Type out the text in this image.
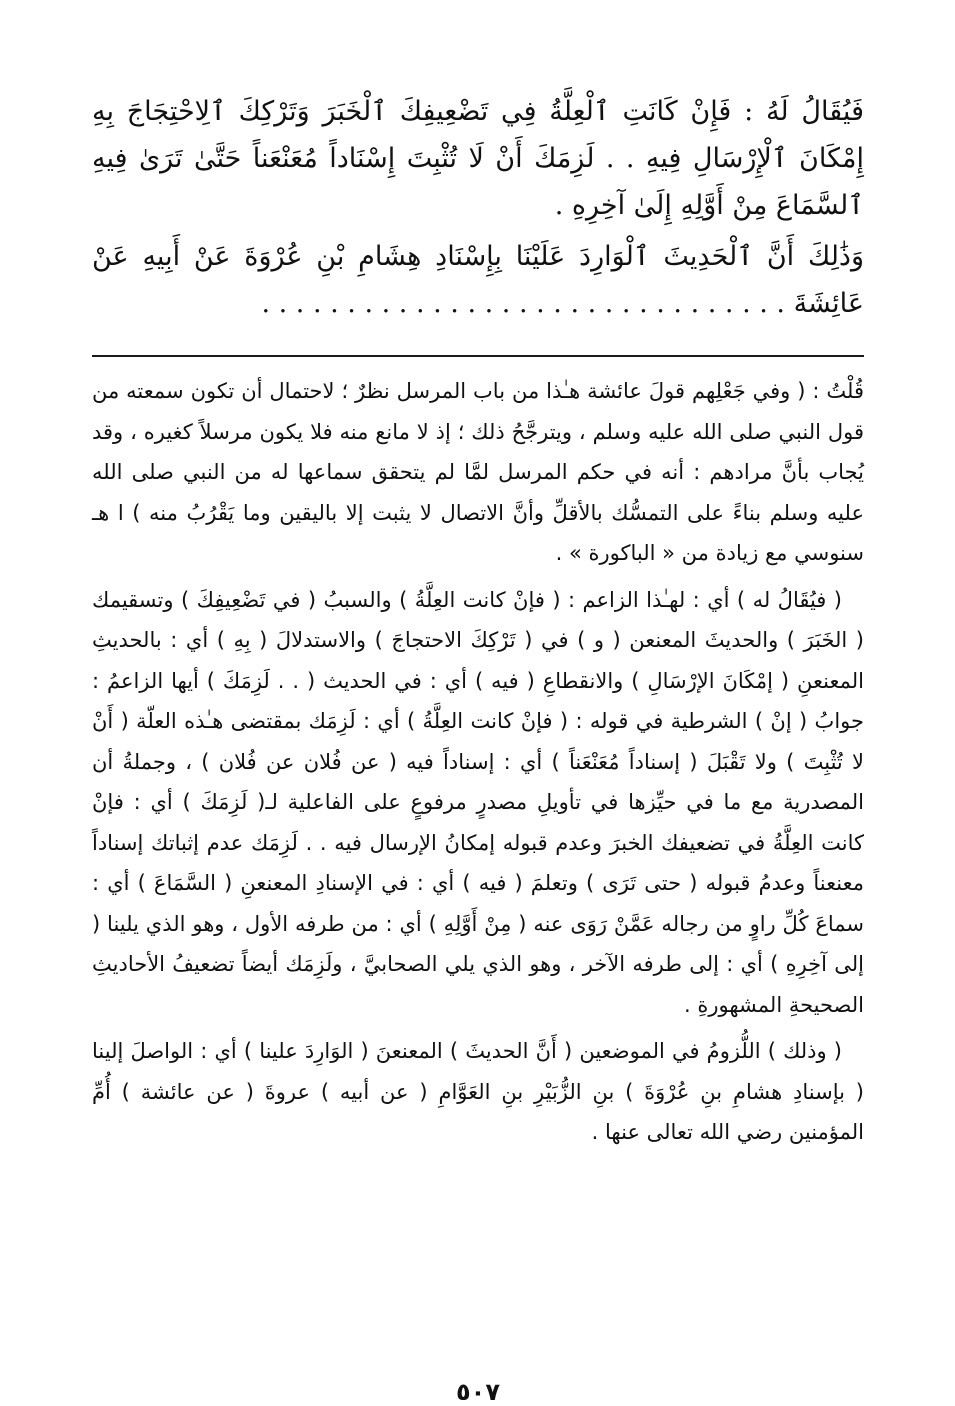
فَيُقَالُ لَهُ : فَإِنْ كَانَتِ ٱلْعِلَّةُ فِي تَضْعِيفِكَ ٱلْخَبَرَ وَتَرْكِكَ ٱلِاحْتِجَاجَ بِهِ إِمْكَانَ ٱلْإِرْسَالِ فِيهِ . . لَزِمَكَ أَنْ لَا تُثْبِتَ إِسْنَاداً مُعَنْعَناً حَتَّىٰ تَرَىٰ فِيهِ ٱلسَّمَاعَ مِنْ أَوَّلِهِ إِلَىٰ آخِرِهِ .

وَذَٰلِكَ أَنَّ ٱلْحَدِيثَ ٱلْوَارِدَ عَلَيْنَا بِإِسْنَادِ هِشَامِ بْنِ عُرْوَةَ عَنْ أَبِيهِ عَنْ عَائِشَةَ . . . . . . . . . . . . . . . . . . . . . . . . . . . . . . .

قُلْتُ : ( وفي جَعْلِهم قولَ عائشة هـٰذا من باب المرسل نظرٌ ؛ لاحتمال أن تكون سمعته من قول النبي صلى الله عليه وسلم ، ويترجَّحُ ذلك ؛ إذ لا مانع منه فلا يكون مرسلاً كغيره ، وقد يُجاب بأنَّ مرادهم : أنه في حكم المرسل لمَّا لم يتحقق سماعها له من النبي صلى الله عليه وسلم بناءً على التمسُّك بالأقلِّ وأنَّ الاتصال لا يثبت إلا باليقين وما يَقْرُبُ منه ) ا هـ سنوسي مع زيادة من « الباكورة » .

( فيُقَالُ له ) أي : لهـٰذا الزاعم : ( فإنْ كانت العِلَّةُ ) والسببُ ( في تَضْعِيفِكَ ) وتسقيمك ( الخَبَرَ ) والحديثَ المعنعن ( و ) في ( تَرْكِكَ الاحتجاجَ ) والاستدلالَ ( بِهِ ) أي : بالحديثِ المعنعنِ ( إمْكَانَ الإرْسَالِ ) والانقطاعِ ( فيه ) أي : في الحديث ( . . لَزِمَكَ ) أيها الزاعمُ : جوابُ ( إنْ ) الشرطية في قوله : ( فإنْ كانت العِلَّةُ ) أي : لَزِمَك بمقتضى هـٰذه العلّة ( أَنْ لا تُثْبِتَ ) ولا تَقْبَلَ ( إسناداً مُعَنْعَناً ) أي : إسناداً فيه ( عن فُلان عن فُلان ) ، وجملةُ أن المصدرية مع ما في حيِّزها في تأويلِ مصدرٍ مرفوعٍ على الفاعلية لـ( لَزِمَكَ ) أي : فإنْ كانت العِلَّةُ في تضعيفك الخبرَ وعدم قبوله إمكانُ الإرسال فيه . . لَزِمَك عدم إثباتك إسناداً معنعناً وعدمُ قبوله ( حتى تَرَى ) وتعلمَ ( فيه ) أي : في الإسنادِ المعنعنِ ( السَّمَاعَ ) أي : سماعَ كُلِّ راوٍ من رجاله عَمَّنْ رَوَى عنه ( مِنْ أَوَّلِهِ ) أي : من طرفه الأول ، وهو الذي يلينا ( إلى آخِرِهِ ) أي : إلى طرفه الآخر ، وهو الذي يلي الصحابيَّ ، ولَزِمَك أيضاً تضعيفُ الأحاديثِ الصحيحةِ المشهورةِ .

( وذلك ) اللُّزومُ في الموضعين ( أَنَّ الحديثَ ) المعنعنَ ( الوَارِدَ علينا ) أي : الواصلَ إلينا ( بإسنادِ هشامِ بنِ عُرْوَةَ ) بنِ الزُّبَيْرِ بنِ العَوَّامِ ( عن أبيه ) عروةَ ( عن عائشة ) أُمِّ المؤمنين رضي الله تعالى عنها .

٥٠٧
